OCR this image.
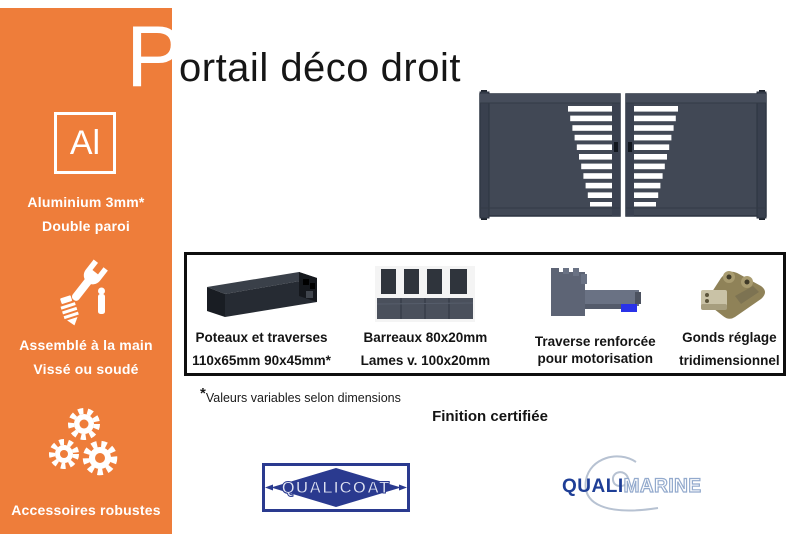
Al
Aluminium 3mm*
Double paroi
Assemblé à la main
Vissé ou soudé
Accessoires robustes
P
ortail déco droit
Poteaux et traverses
110x65mm 90x45mm*
Barreaux 80x20mm
Lames v. 100x20mm
Traverse renforcée
pour motorisation
Gonds réglage
tridimensionnel
*Valeurs variables selon dimensions
Finition certifiée
QUALICOAT	QUALIMARINE
